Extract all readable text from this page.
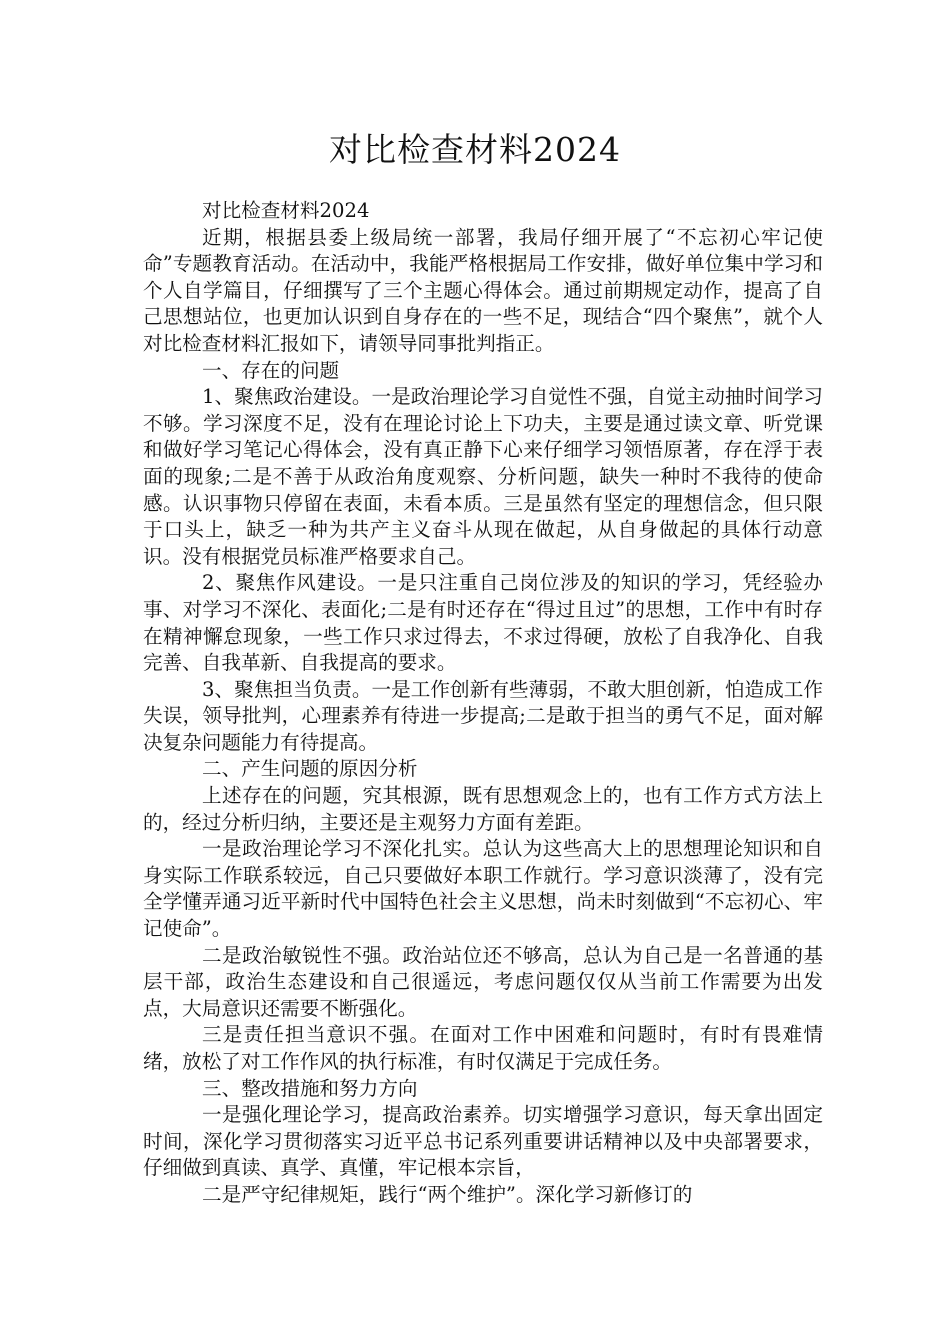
对比检查材料2024

对比检查材料2024

近期，根据县委上级局统一部署，我局仔细开展了“不忘初心牢记使命”专题教育活动。在活动中，我能严格根据局工作安排，做好单位集中学习和个人自学篇目，仔细撰写了三个主题心得体会。通过前期规定动作，提高了自己思想站位，也更加认识到自身存在的一些不足，现结合“四个聚焦”，就个人对比检查材料汇报如下，请领导同事批判指正。

一、存在的问题

1、聚焦政治建设。一是政治理论学习自觉性不强，自觉主动抽时间学习不够。学习深度不足，没有在理论讨论上下功夫，主要是通过读文章、听党课和做好学习笔记心得体会，没有真正静下心来仔细学习领悟原著，存在浮于表面的现象;二是不善于从政治角度观察、分析问题，缺失一种时不我待的使命感。认识事物只停留在表面，未看本质。三是虽然有坚定的理想信念，但只限于口头上，缺乏一种为共产主义奋斗从现在做起，从自身做起的具体行动意识。没有根据党员标准严格要求自己。

2、聚焦作风建设。一是只注重自己岗位涉及的知识的学习，凭经验办事、对学习不深化、表面化;二是有时还存在“得过且过”的思想，工作中有时存在精神懈怠现象，一些工作只求过得去，不求过得硬，放松了自我净化、自我完善、自我革新、自我提高的要求。

3、聚焦担当负责。一是工作创新有些薄弱，不敢大胆创新，怕造成工作失误，领导批判，心理素养有待进一步提高;二是敢于担当的勇气不足，面对解决复杂问题能力有待提高。

二、产生问题的原因分析

上述存在的问题，究其根源，既有思想观念上的，也有工作方式方法上的，经过分析归纳，主要还是主观努力方面有差距。

一是政治理论学习不深化扎实。总认为这些高大上的思想理论知识和自身实际工作联系较远，自己只要做好本职工作就行。学习意识淡薄了，没有完全学懂弄通习近平新时代中国特色社会主义思想，尚未时刻做到“不忘初心、牢记使命”。

二是政治敏锐性不强。政治站位还不够高，总认为自己是一名普通的基层干部，政治生态建设和自己很遥远，考虑问题仅仅从当前工作需要为出发点，大局意识还需要不断强化。

三是责任担当意识不强。在面对工作中困难和问题时，有时有畏难情绪，放松了对工作作风的执行标准，有时仅满足于完成任务。

三、整改措施和努力方向

一是强化理论学习，提高政治素养。切实增强学习意识，每天拿出固定时间，深化学习贯彻落实习近平总书记系列重要讲话精神以及中央部署要求，仔细做到真读、真学、真懂，牢记根本宗旨，

二是严守纪律规矩，践行“两个维护”。深化学习新修订的
